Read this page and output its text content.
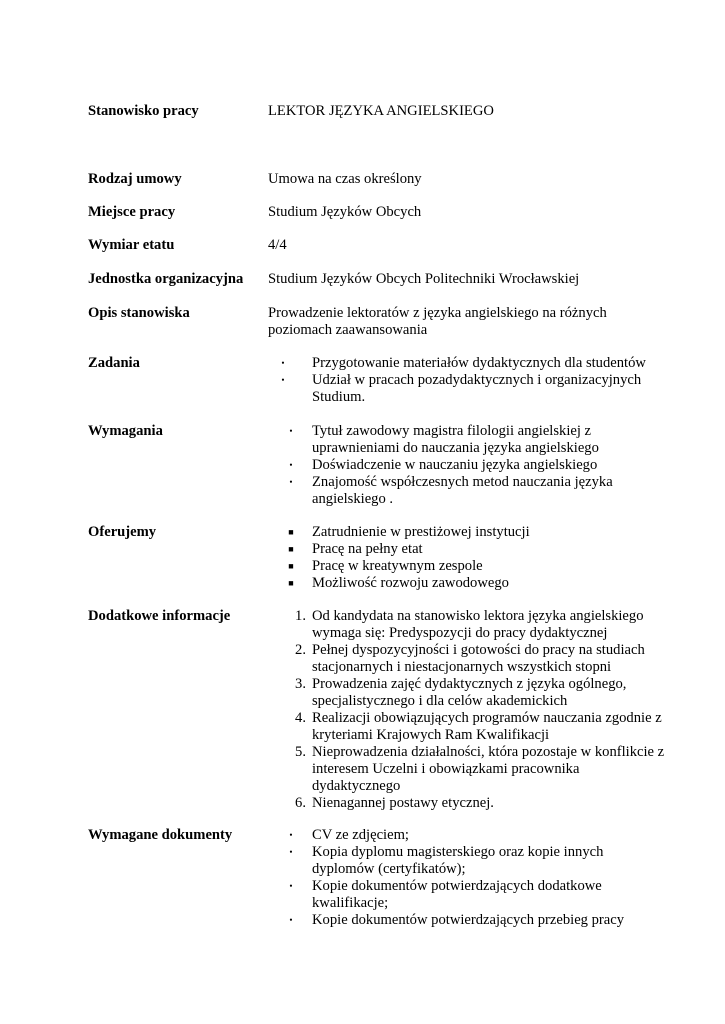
Stanowisko pracy	LEKTOR JĘZYKA ANGIELSKIEGO
Rodzaj umowy	Umowa na czas określony
Miejsce pracy	Studium Języków Obcych
Wymiar etatu	4/4
Jednostka organizacyjna	Studium Języków Obcych Politechniki Wrocławskiej
Opis stanowiska	Prowadzenie lektoratów z języka angielskiego na różnych poziomach zaawansowania
Zadania	•	Przygotowanie materiałów dydaktycznych dla studentów
•	Udział w pracach pozadydaktycznych i organizacyjnych Studium.
Wymagania	•	Tytuł zawodowy magistra filologii angielskiej z uprawnieniami do nauczania języka angielskiego
•	Doświadczenie w nauczaniu języka angielskiego
•	Znajomość współczesnych metod nauczania języka angielskiego .
Oferujemy	■ Zatrudnienie w prestiżowej instytucji
■ Pracę na pełny etat
■ Pracę w kreatywnym zespole
■ Możliwość rozwoju zawodowego
Dodatkowe informacje	1. Od kandydata na stanowisko lektora języka angielskiego wymaga się: Predyspozycji do pracy dydaktycznej
2. Pełnej dyspozycyjności i gotowości do pracy na studiach stacjonarnych i niestacjonarnych wszystkich stopni
3. Prowadzenia zajęć dydaktycznych z języka ogólnego, specjalistycznego i dla celów akademickich
4. Realizacji obowiązujących programów nauczania zgodnie z kryteriami Krajowych Ram Kwalifikacji
5. Nieprowadzenia działalności, która pozostaje w konflikcie z interesem Uczelni i obowiązkami pracownika dydaktycznego
6. Nienagannej postawy etycznej.
Wymagane dokumenty	•	CV ze zdjęciem;
•	Kopia dyplomu magisterskiego oraz kopie innych dyplomów (certyfikatów);
•	Kopie dokumentów potwierdzających dodatkowe kwalifikacje;
•	Kopie dokumentów potwierdzających przebieg pracy
